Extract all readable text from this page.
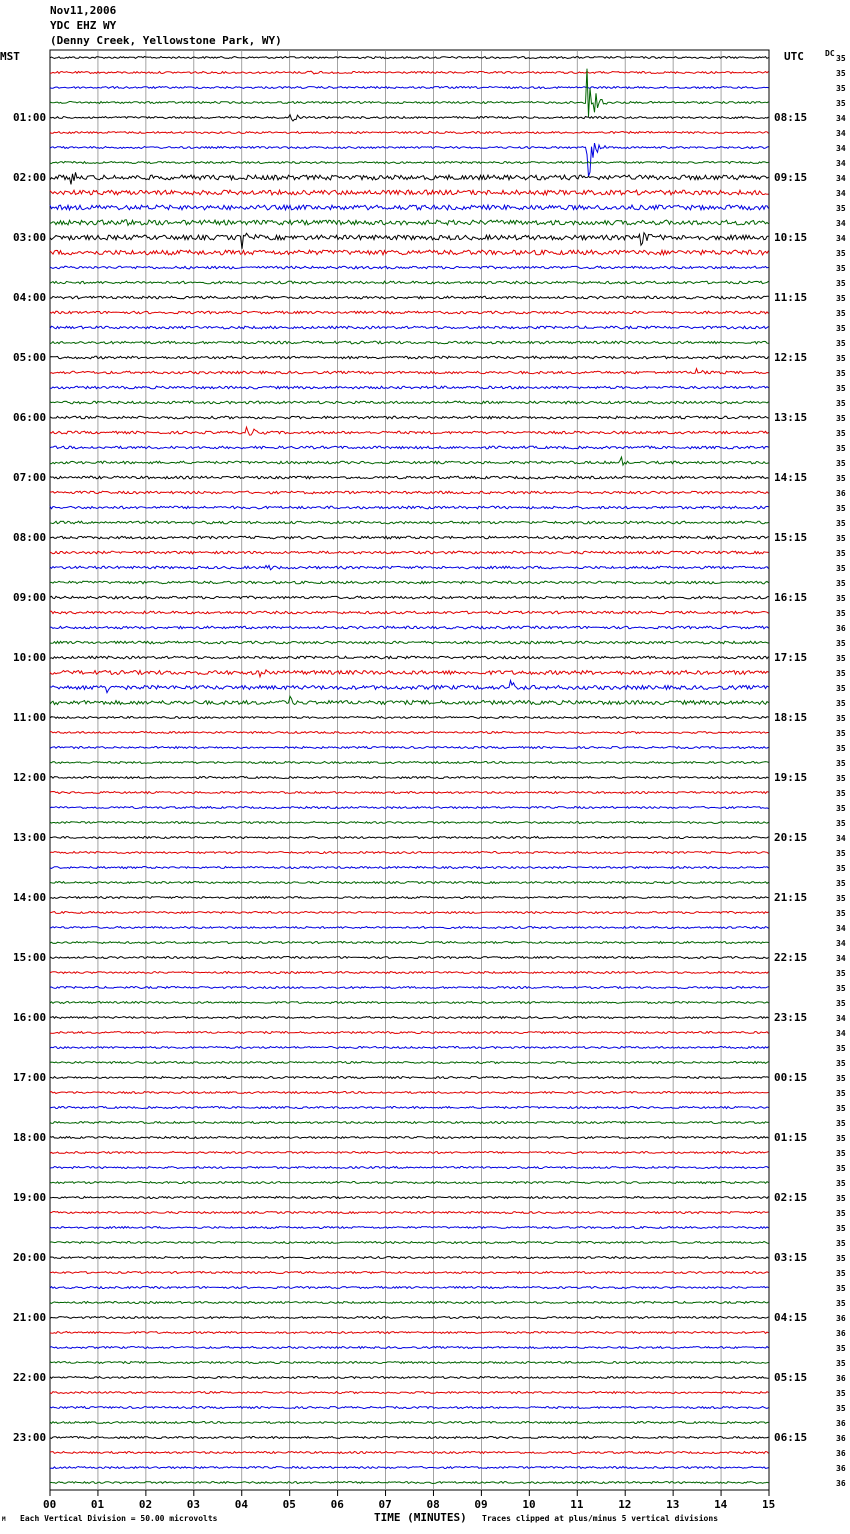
Nov11,2006
YDC EHZ WY
(Denny Creek, Yellowstone Park, WY)
MST	UTC	DC
01:00
02:00
03:00
04:00
05:00
06:00
07:00
08:00
09:00
10:00
11:00
12:00
13:00
14:00
15:00
16:00
17:00
18:00
19:00
20:00
21:00
22:00
23:00
08:15
09:15
10:15
11:15
12:15
13:15
14:15
15:15
16:15
17:15
18:15
19:15
20:15
21:15
22:15
23:15
00:15
01:15
02:15
03:15
04:15
05:15
06:15
35
35
35
35
34
34
34
34
34
34
35
34
34
35
35
35
35
35
35
35
35
35
35
35
35
35
35
35
35
36
35
35
35
35
35
35
35
35
36
35
35
35
35
35
35
35
35
35
35
35
35
35
34
35
35
35
35
35
34
34
34
35
35
35
34
34
35
35
35
35
35
35
35
35
35
35
35
35
35
35
35
35
35
35
36
36
35
35
36
35
35
36
36
36
36
36
00	01	02	03	04	05	06	07	08	09	10	11	12	13	14	15
M Each Vertical Division = 50.00 microvolts	TIME (MINUTES) Traces clipped at plus/minus 5 vertical divisions
